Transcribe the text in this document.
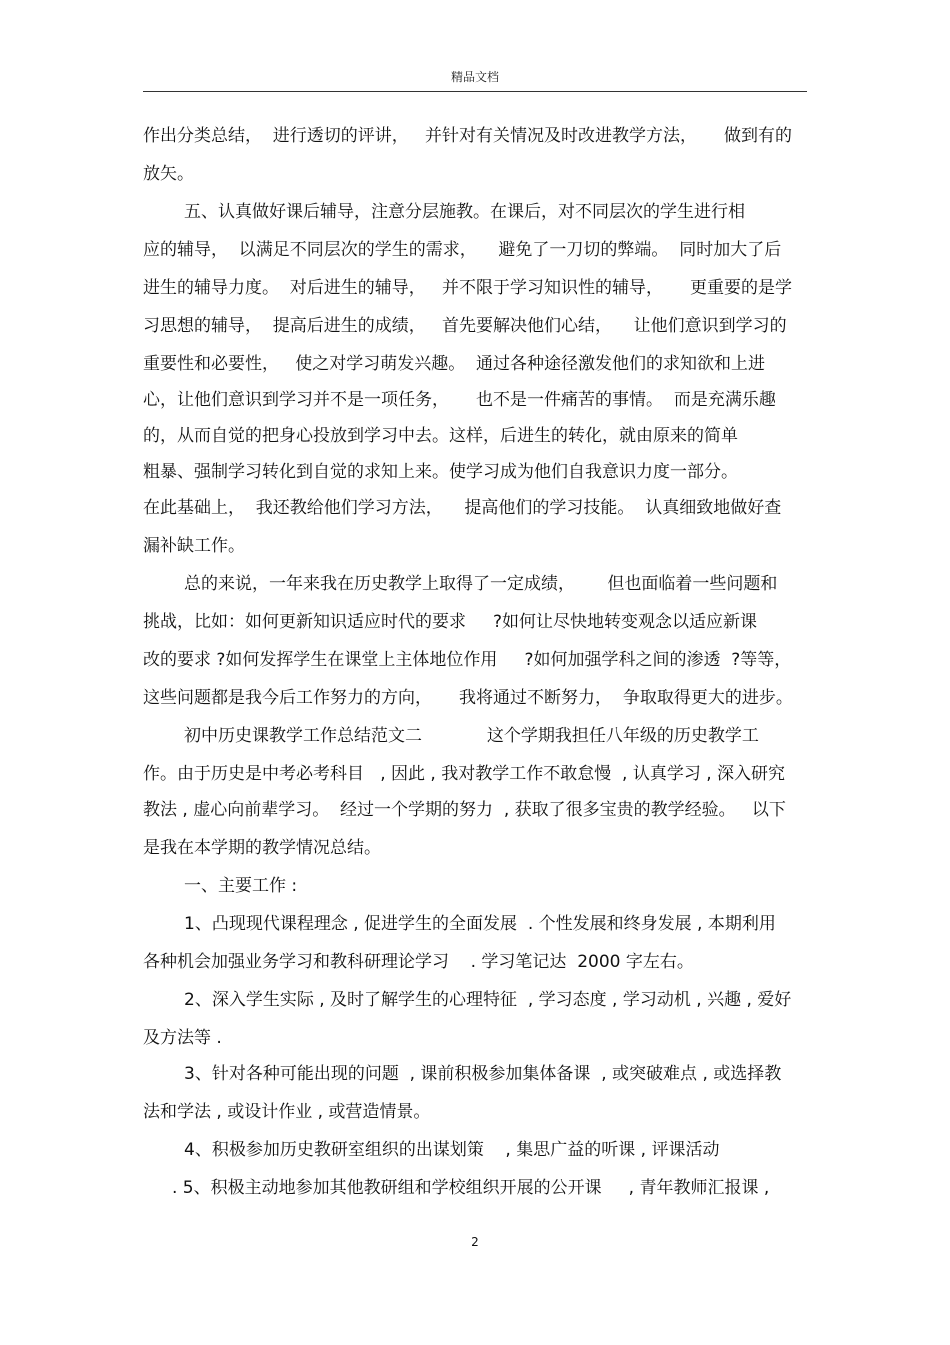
精品文档
作出分类总结，  进行透切的评讲，   并针对有关情况及时改进教学方法，     做到有的
放矢。
五、认真做好课后辅导，注意分层施教。在课后，对不同层次的学生进行相
应的辅导，  以满足不同层次的学生的需求，    避免了一刀切的弊端。  同时加大了后
进生的辅导力度。  对后进生的辅导，   并不限于学习知识性的辅导，     更重要的是学
习思想的辅导，  提高后进生的成绩，   首先要解决他们心结，    让他们意识到学习的
重要性和必要性，   使之对学习萌发兴趣。  通过各种途径激发他们的求知欲和上进
心，让他们意识到学习并不是一项任务，     也不是一件痛苦的事情。  而是充满乐趣
的，从而自觉的把身心投放到学习中去。这样，后进生的转化，就由原来的简单
粗暴、强制学习转化到自觉的求知上来。使学习成为他们自我意识力度一部分。
在此基础上，  我还教给他们学习方法，    提高他们的学习技能。  认真细致地做好查
漏补缺工作。
总的来说，一年来我在历史教学上取得了一定成绩，      但也面临着一些问题和
挑战，比如：如何更新知识适应时代的要求     ?如何让尽快地转变观念以适应新课
改的要求 ?如何发挥学生在课堂上主体地位作用     ?如何加强学科之间的渗透  ?等等，
这些问题都是我今后工作努力的方向，     我将通过不断努力，  争取取得更大的进步。
初中历史课教学工作总结范文二            这个学期我担任八年级的历史教学工
作。由于历史是中考必考科目   , 因此 , 我对教学工作不敢怠慢  , 认真学习 , 深入研究
教法 , 虚心向前辈学习。  经过一个学期的努力  , 获取了很多宝贵的教学经验。   以下
是我在本学期的教学情况总结。
一、主要工作 :
1、凸现现代课程理念 , 促进学生的全面发展  . 个性发展和终身发展 , 本期利用
各种机会加强业务学习和教科研理论学习    . 学习笔记达  2000 字左右。
2、深入学生实际 , 及时了解学生的心理特征  , 学习态度 , 学习动机 , 兴趣 , 爱好
及方法等 .
3、针对各种可能出现的问题  , 课前积极参加集体备课  , 或突破难点 , 或选择教
法和学法 , 或设计作业 , 或营造情景。
4、积极参加历史教研室组织的出谋划策    , 集思广益的听课 , 评课活动
. 5、积极主动地参加其他教研组和学校组织开展的公开课     , 青年教师汇报课 ,
2
